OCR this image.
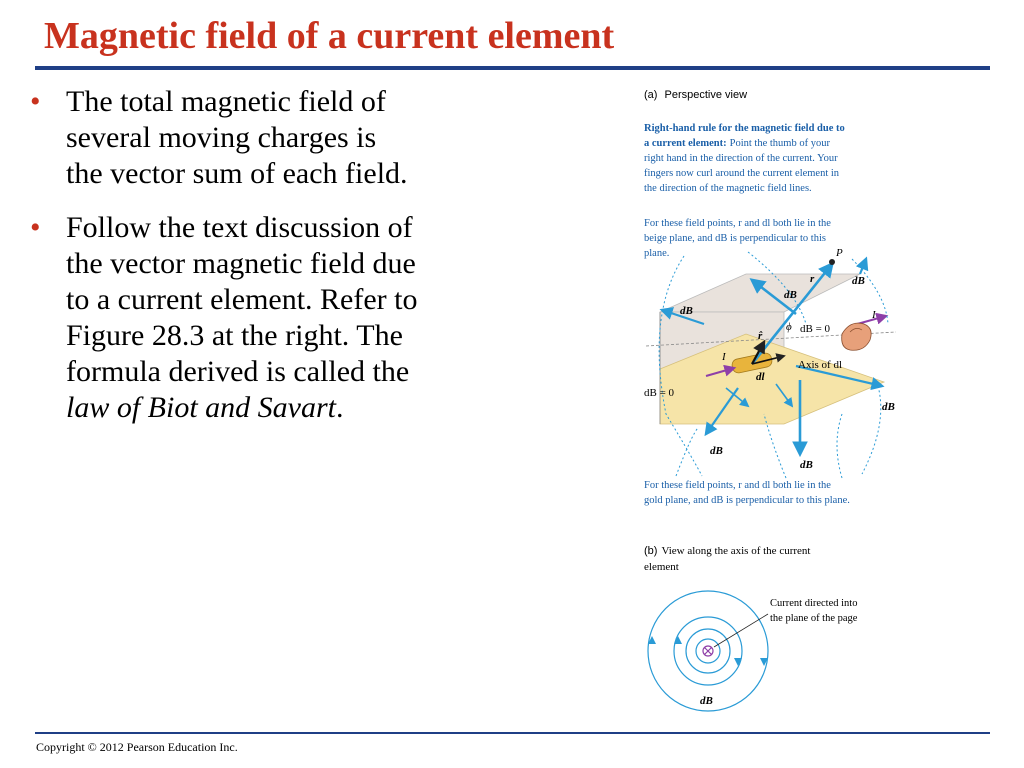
Magnetic field of a current element
• The total magnetic field of
several moving charges is
the vector sum of each field.
• Follow the text discussion of
the vector magnetic field due
to a current element. Refer to
Figure 28.3 at the right. The
formula derived is called the
law of Biot and Savart.
(a) Perspective view
Right-hand rule for the magnetic field due to
a current element: Point the thumb of your
right hand in the direction of the current. Your
fingers now curl around the current element in
the direction of the magnetic field lines.
For these field points, r and dl both lie in the
beige plane, and dB is perpendicular to this
plane.	P
r
r̂
ϕ
dB
dB
dB
dB
dB
dB
dB = 0
dB = 0
I
I
dl
Axis of dl
For these field points, r and dl both lie in the
gold plane, and dB is perpendicular to this plane.
(b) View along the axis of the current
element
Current directed into
the plane of the page
dB
Copyright © 2012 Pearson Education Inc.
